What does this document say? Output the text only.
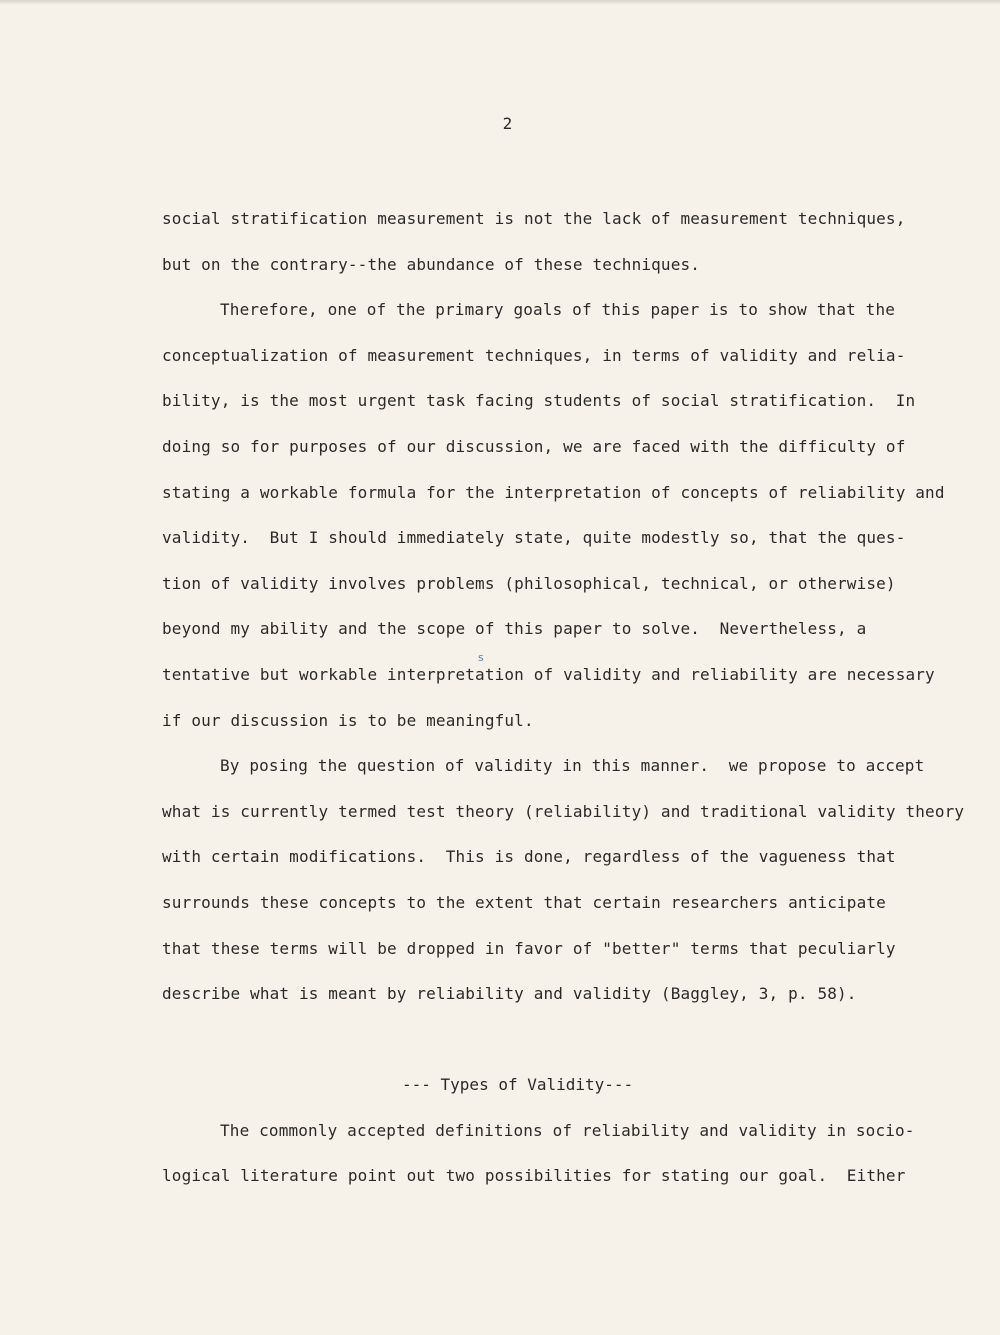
2
social stratification measurement is not the lack of measurement techniques,
but on the contrary--the abundance of these techniques.
Therefore, one of the primary goals of this paper is to show that the
conceptualization of measurement techniques, in terms of validity and relia-
bility, is the most urgent task facing students of social stratification.  In
doing so for purposes of our discussion, we are faced with the difficulty of
stating a workable formula for the interpretation of concepts of reliability and
validity.  But I should immediately state, quite modestly so, that the ques-
tion of validity involves problems (philosophical, technical, or otherwise)
beyond my ability and the scope of this paper to solve.  Nevertheless, a
tentative but workable interpretation of validity and reliability are necessary
if our discussion is to be meaningful.
By posing the question of validity in this manner.  we propose to accept
what is currently termed test theory (reliability) and traditional validity theory
with certain modifications.  This is done, regardless of the vagueness that
surrounds these concepts to the extent that certain researchers anticipate
that these terms will be dropped in favor of "better" terms that peculiarly
describe what is meant by reliability and validity (Baggley, 3, p. 58).
--- Types of Validity---
The commonly accepted definitions of reliability and validity in socio-
logical literature point out two possibilities for stating our goal.  Either
s
